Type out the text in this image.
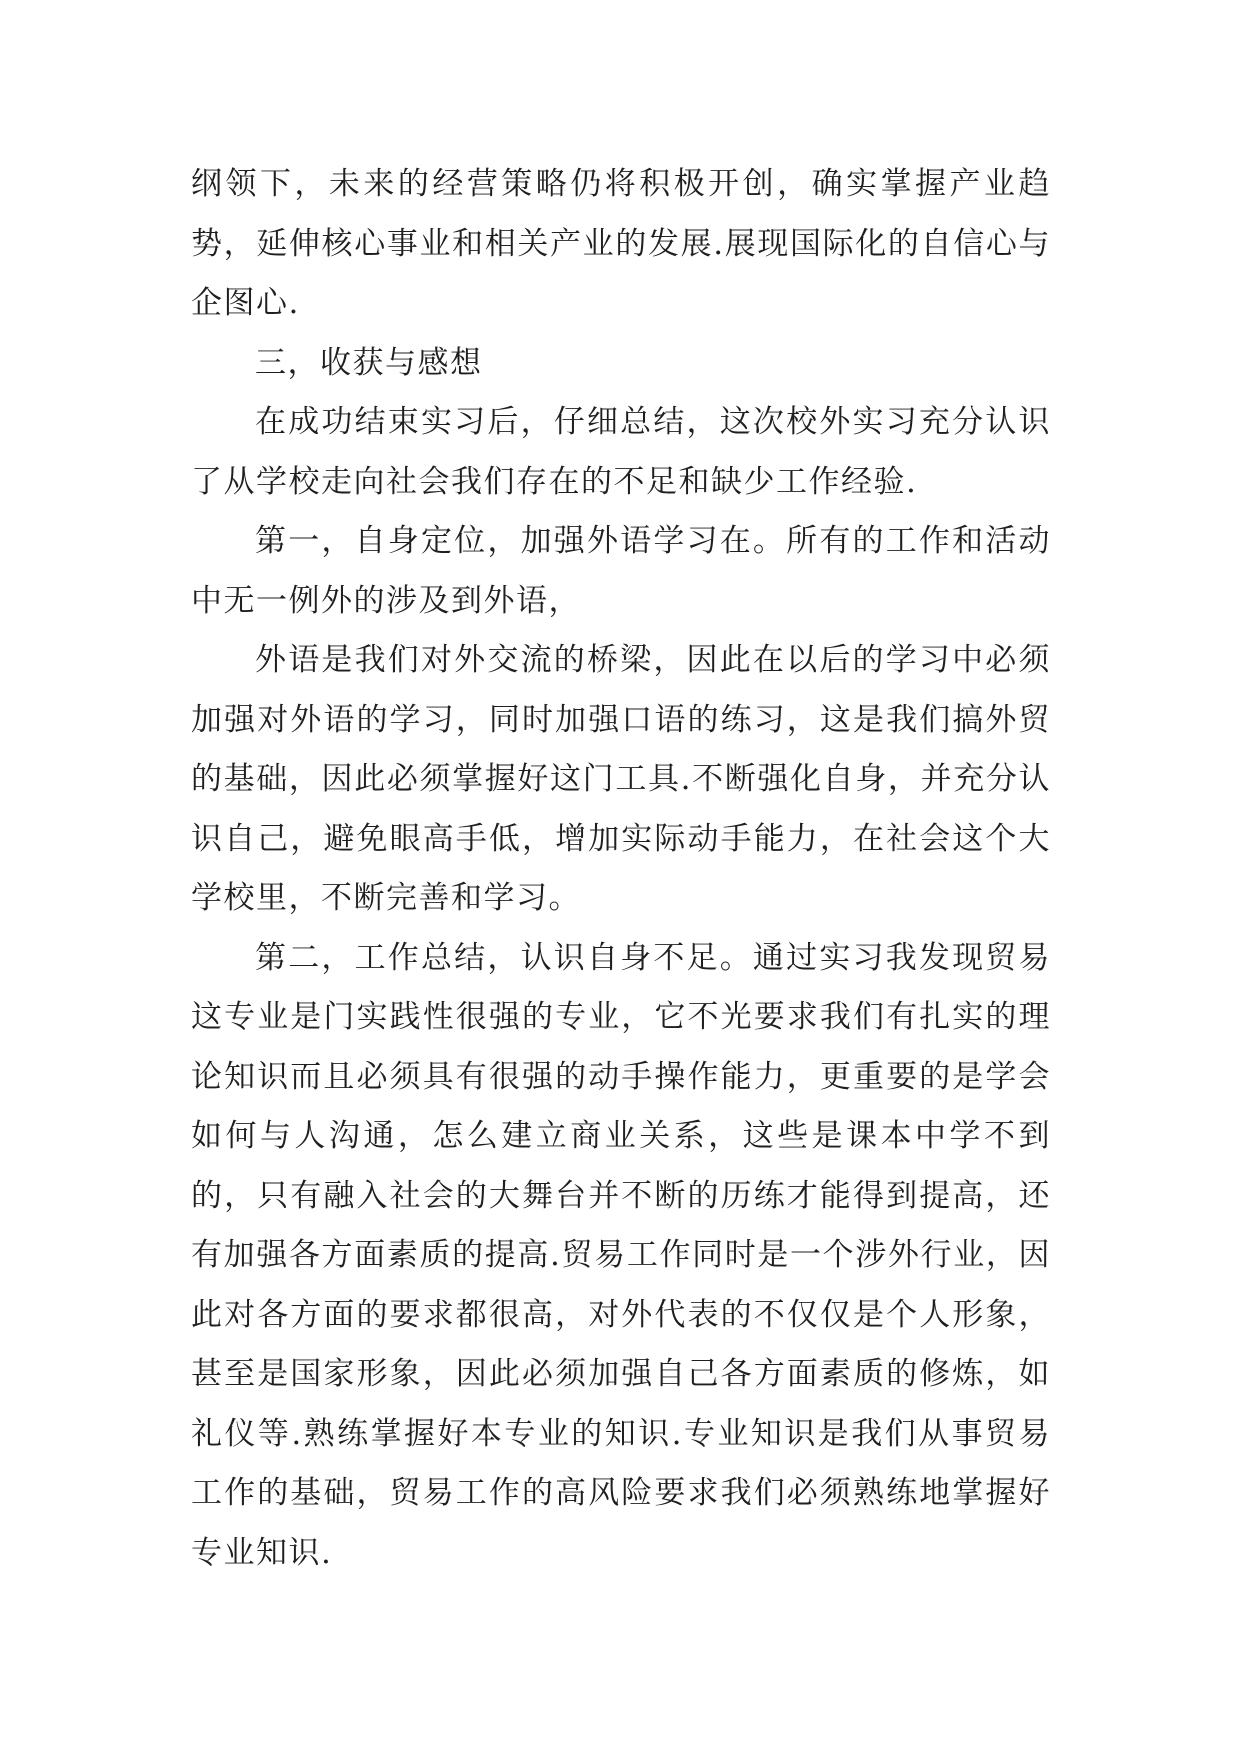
纲领下，未来的经营策略仍将积极开创，确实掌握产业趋势，延伸核心事业和相关产业的发展.展现国际化的自信心与企图心.

三，收获与感想

在成功结束实习后，仔细总结，这次校外实习充分认识了从学校走向社会我们存在的不足和缺少工作经验.

第一，自身定位，加强外语学习在。所有的工作和活动中无一例外的涉及到外语，

外语是我们对外交流的桥梁，因此在以后的学习中必须加强对外语的学习，同时加强口语的练习，这是我们搞外贸的基础，因此必须掌握好这门工具.不断强化自身，并充分认识自己，避免眼高手低，增加实际动手能力，在社会这个大学校里，不断完善和学习。

第二，工作总结，认识自身不足。通过实习我发现贸易这专业是门实践性很强的专业，它不光要求我们有扎实的理论知识而且必须具有很强的动手操作能力，更重要的是学会如何与人沟通，怎么建立商业关系，这些是课本中学不到的，只有融入社会的大舞台并不断的历练才能得到提高，还有加强各方面素质的提高.贸易工作同时是一个涉外行业，因此对各方面的要求都很高，对外代表的不仅仅是个人形象，甚至是国家形象，因此必须加强自己各方面素质的修炼，如礼仪等.熟练掌握好本专业的知识.专业知识是我们从事贸易工作的基础，贸易工作的高风险要求我们必须熟练地掌握好专业知识.
